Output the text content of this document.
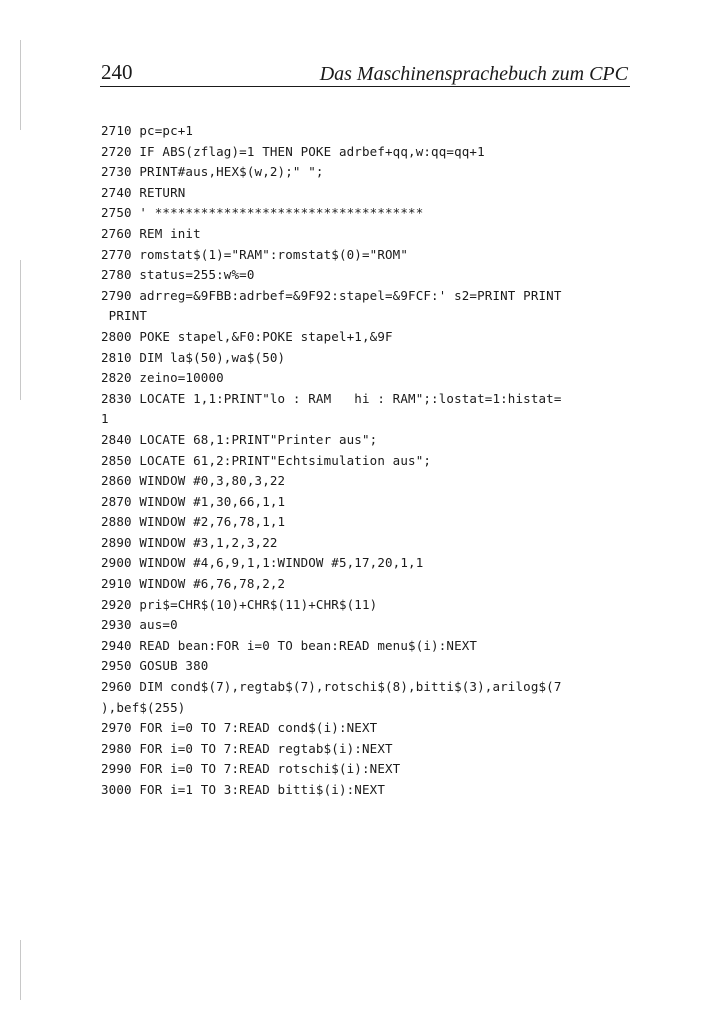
240	Das Maschinensprachebuch zum CPC
2710 pc=pc+1
2720 IF ABS(zflag)=1 THEN POKE adrbef+qq,w:qq=qq+1
2730 PRINT#aus,HEX$(w,2);" ";
2740 RETURN
2750 ' ***********************************
2760 REM init
2770 romstat$(1)="RAM":romstat$(0)="ROM"
2780 status=255:w%=0
2790 adrreg=&9FBB:adrbef=&9F92:stapel=&9FCF:' s2=PRINT PRINT
PRINT
2800 POKE stapel,&F0:POKE stapel+1,&9F
2810 DIM la$(50),wa$(50)
2820 zeino=10000
2830 LOCATE 1,1:PRINT"lo : RAM   hi : RAM";:lostat=1:histat=
1
2840 LOCATE 68,1:PRINT"Printer aus";
2850 LOCATE 61,2:PRINT"Echtsimulation aus";
2860 WINDOW #0,3,80,3,22
2870 WINDOW #1,30,66,1,1
2880 WINDOW #2,76,78,1,1
2890 WINDOW #3,1,2,3,22
2900 WINDOW #4,6,9,1,1:WINDOW #5,17,20,1,1
2910 WINDOW #6,76,78,2,2
2920 pri$=CHR$(10)+CHR$(11)+CHR$(11)
2930 aus=0
2940 READ bean:FOR i=0 TO bean:READ menu$(i):NEXT
2950 GOSUB 380
2960 DIM cond$(7),regtab$(7),rotschi$(8),bitti$(3),arilog$(7
),bef$(255)
2970 FOR i=0 TO 7:READ cond$(i):NEXT
2980 FOR i=0 TO 7:READ regtab$(i):NEXT
2990 FOR i=0 TO 7:READ rotschi$(i):NEXT
3000 FOR i=1 TO 3:READ bitti$(i):NEXT
